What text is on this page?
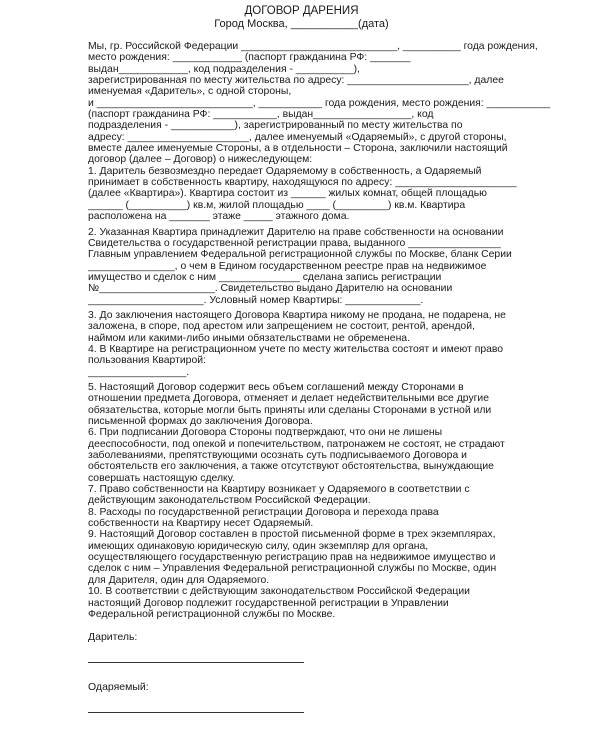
ДОГОВОР ДАРЕНИЯ
Город Москва, ___________(дата)
Мы, гр. Российской Федерации ___________________________, __________ года рождения,
место рождения: ____________ (паспорт гражданина РФ: _______
выдан____________, код подразделения - __________),
зарегистрированная по месту жительства по адресу: _____________________, далее
именуемая «Даритель», с одной стороны,
и ___________________________, ___________ года рождения, место рождения: ___________
(паспорт гражданина РФ: ___________, выдан_________________, код
подразделения - ___________), зарегистрированный по месту жительства по
адресу: _____________________, далее именуемый «Одаряемый», с другой стороны,
вместе далее именуемые Стороны, а в отдельности – Сторона, заключили настоящий
договор (далее – Договор) о нижеследующем:
1. Даритель безвозмездно передает Одаряемому в собственность, а Одаряемый
принимает в собственность квартиру, находящуюся по адресу: _____________________
(далее «Квартира»). Квартира состоит из ______ жилых комнат, общей площадью
______ (__________) кв.м, жилой площадью ____ (_________) кв.м. Квартира
расположена на _______ этаже _____ этажного дома.
2. Указанная Квартира принадлежит Дарителю на праве собственности на основании
Свидетельства о государственной регистрации права, выданного ________________
Главным управлением Федеральной регистрационной службы по Москве, бланк Серии
_______________, о чем в Едином государственном реестре прав на недвижимое
имущество и сделок с ним ______________ сделана запись регистрации
№____________________. Свидетельство выдано Дарителю на основании
____________________. Условный номер Квартиры: _____________.
3. До заключения настоящего Договора Квартира никому не продана, не подарена, не
заложена, в споре, под арестом или запрещением не состоит, рентой, арендой,
наймом или какими-либо иными обязательствами не обременена.
4. В Квартире на регистрационном учете по месту жительства состоят и имеют право
пользования Квартирой:
_________________.
5. Настоящий Договор содержит весь объем соглашений между Сторонами в
отношении предмета Договора, отменяет и делает недействительными все другие
обязательства, которые могли быть приняты или сделаны Сторонами в устной или
письменной формах до заключения Договора.
6. При подписании Договора Стороны подтверждают, что они не лишены
дееспособности, под опекой и попечительством, патронажем не состоят, не страдают
заболеваниями, препятствующими осознать суть подписываемого Договора и
обстоятельств его заключения, а также отсутствуют обстоятельства, вынуждающие
совершать настоящую сделку.
7. Право собственности на Квартиру возникает у Одаряемого в соответствии с
действующим законодательством Российской Федерации.
8. Расходы по государственной регистрации Договора и перехода права
собственности на Квартиру несет Одаряемый.
9. Настоящий Договор составлен в простой письменной форме в трех экземплярах,
имеющих одинаковую юридическую силу, один экземпляр для органа,
осуществляющего государственную регистрацию прав на недвижимое имущество и
сделок с ним – Управления Федеральной регистрационной службы по Москве, один
для Дарителя, один для Одаряемого.
10. В соответствии с действующим законодательством Российской Федерации
настоящий Договор подлежит государственной регистрации в Управлении
Федеральной регистрационной службы по Москве.
Даритель:
Одаряемый:
